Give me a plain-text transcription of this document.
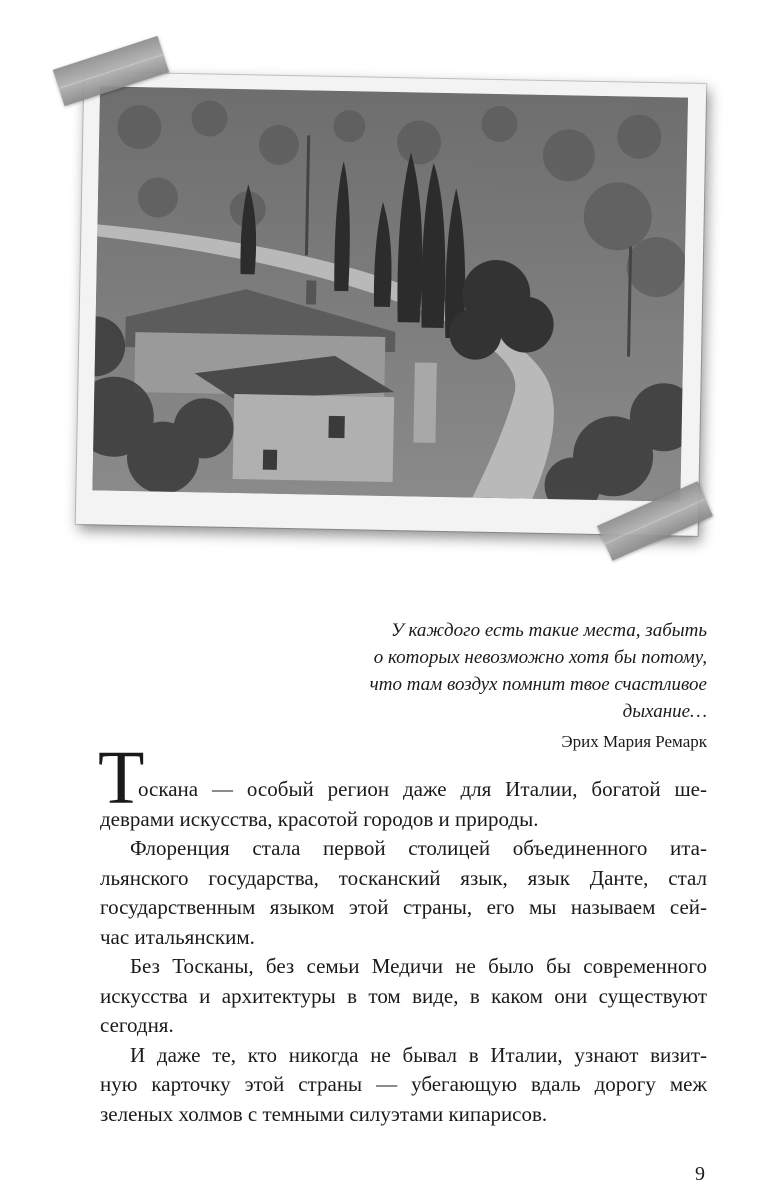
У каждого есть такие места, забыть
о которых невозможно хотя бы потому,
что там воздух помнит твое счастливое
дыхание…
Эрих Мария Ремарк
Т
оскана — особый регион даже для Италии, богатой ше-
деврами искусства, красотой городов и природы.
Флоренция стала первой столицей объединенного ита-
льянского государства, тосканский язык, язык Данте, стал
государственным языком этой страны, его мы называем сей-
час итальянским.
Без Тосканы, без семьи Медичи не было бы современного
искусства и архитектуры в том виде, в каком они существуют
сегодня.
И даже те, кто никогда не бывал в Италии, узнают визит-
ную карточку этой страны — убегающую вдаль дорогу меж
зеленых холмов с темными силуэтами кипарисов.
9
